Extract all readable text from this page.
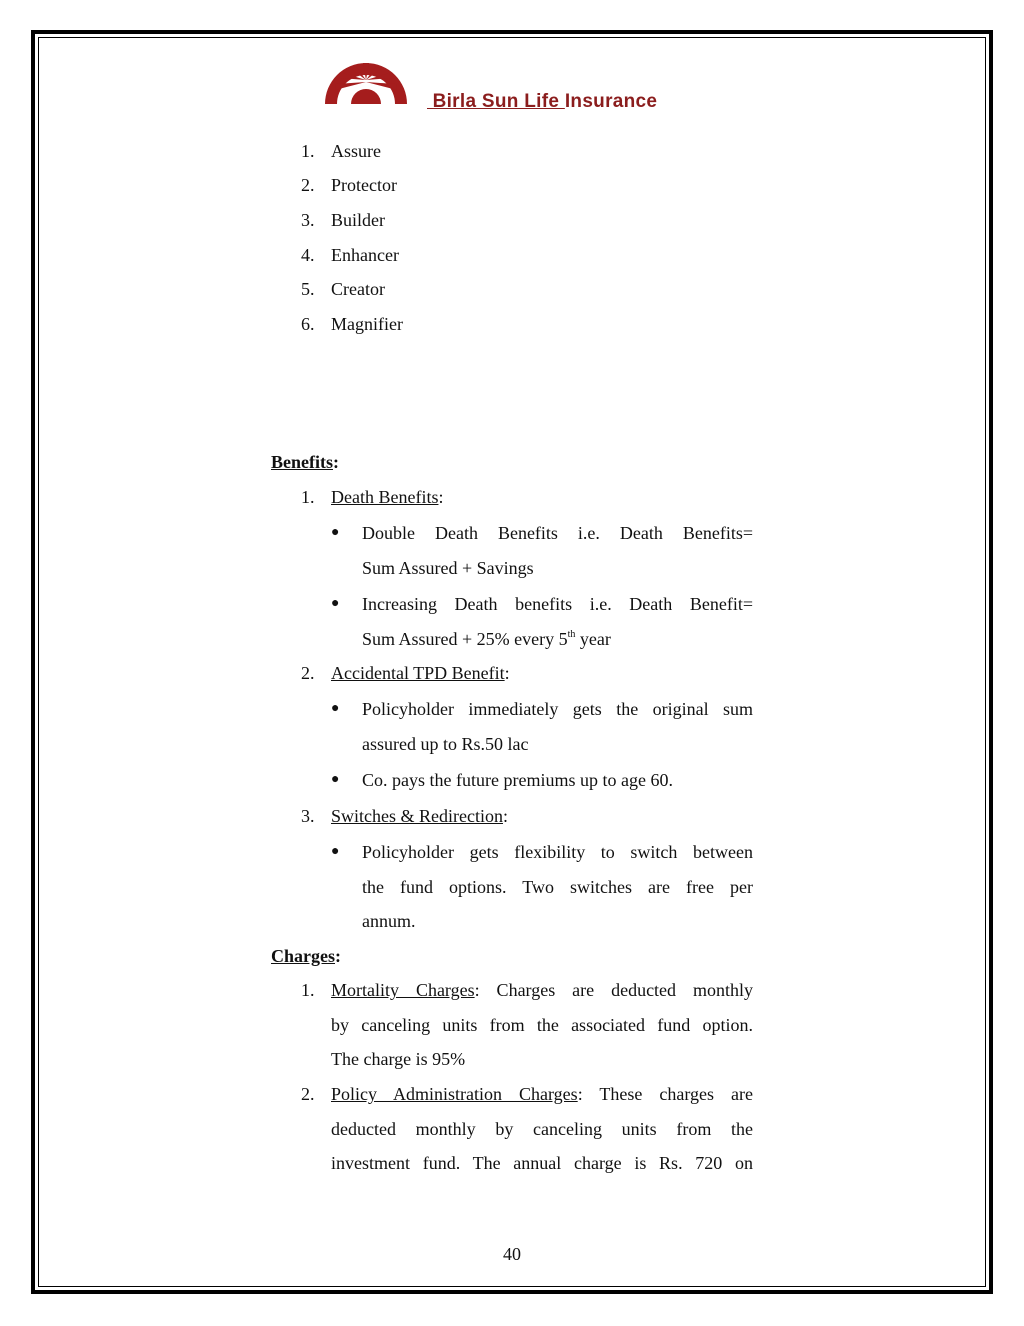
Birla Sun Life Insurance
1. Assure
2. Protector
3. Builder
4. Enhancer
5. Creator
6. Magnifier
Benefits:
1. Death Benefits:
● Double Death Benefits i.e. Death Benefits=
Sum Assured + Savings
● Increasing Death benefits i.e. Death Benefit=
Sum Assured + 25% every 5th year
2. Accidental TPD Benefit:
● Policyholder immediately gets the original sum
assured up to Rs.50 lac
● Co. pays the future premiums up to age 60.
3. Switches & Redirection:
● Policyholder gets flexibility to switch between
the fund options. Two switches are free per
annum.
Charges:
1. Mortality Charges: Charges are deducted monthly
by canceling units from the associated fund option.
The charge is 95%
2. Policy Administration Charges: These charges are
deducted monthly by canceling units from the
investment fund. The annual charge is Rs. 720 on
40
